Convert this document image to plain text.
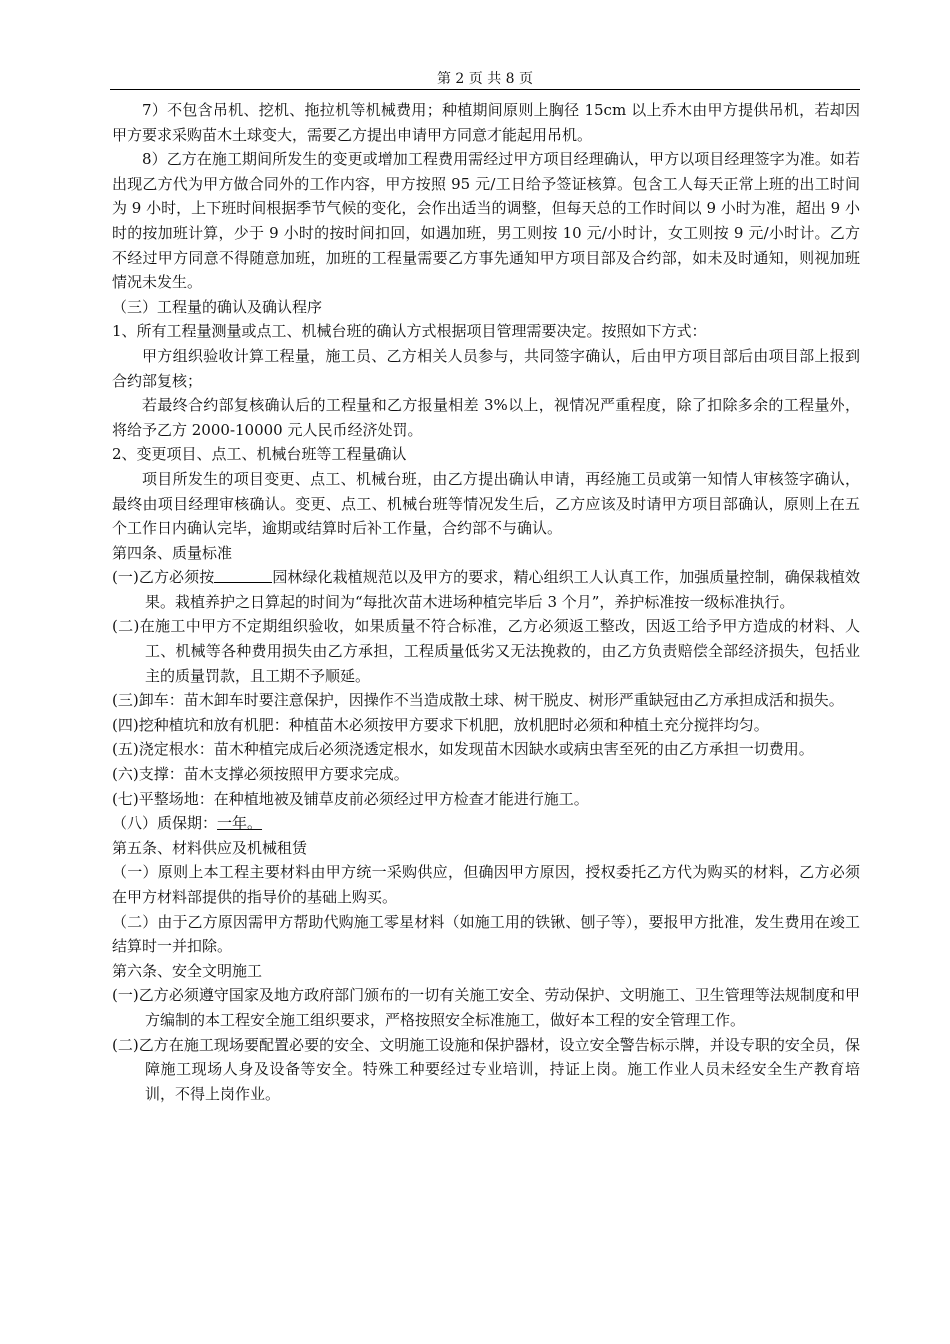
第 2 页 共 8 页

7）不包含吊机、挖机、拖拉机等机械费用；种植期间原则上胸径 15cm 以上乔木由甲方提供吊机，若却因甲方要求采购苗木土球变大，需要乙方提出申请甲方同意才能起用吊机。

8）乙方在施工期间所发生的变更或增加工程费用需经过甲方项目经理确认，甲方以项目经理签字为准。如若出现乙方代为甲方做合同外的工作内容，甲方按照 95 元/工日给予签证核算。包含工人每天正常上班的出工时间为 9 小时，上下班时间根据季节气候的变化，会作出适当的调整，但每天总的工作时间以 9 小时为准，超出 9 小时的按加班计算，少于 9 小时的按时间扣回，如遇加班，男工则按 10 元/小时计，女工则按 9 元/小时计。乙方不经过甲方同意不得随意加班，加班的工程量需要乙方事先通知甲方项目部及合约部，如未及时通知，则视加班情况未发生。

（三）工程量的确认及确认程序

1、所有工程量测量或点工、机械台班的确认方式根据项目管理需要决定。按照如下方式：

甲方组织验收计算工程量，施工员、乙方相关人员参与，共同签字确认，后由甲方项目部后由项目部上报到合约部复核；

若最终合约部复核确认后的工程量和乙方报量相差 3%以上，视情况严重程度，除了扣除多余的工程量外，将给予乙方 2000-10000 元人民币经济处罚。

2、变更项目、点工、机械台班等工程量确认

项目所发生的项目变更、点工、机械台班，由乙方提出确认申请，再经施工员或第一知情人审核签字确认，最终由项目经理审核确认。变更、点工、机械台班等情况发生后，乙方应该及时请甲方项目部确认，原则上在五个工作日内确认完毕，逾期或结算时后补工作量，合约部不与确认。

第四条、质量标准

(一)乙方必须按	园林绿化栽植规范以及甲方的要求，精心组织工人认真工作，加强质量控制，确保栽植效果。栽植养护之日算起的时间为“每批次苗木进场种植完毕后 3 个月”，养护标准按一级标准执行。

(二)在施工中甲方不定期组织验收，如果质量不符合标准，乙方必须返工整改，因返工给予甲方造成的材料、人工、机械等各种费用损失由乙方承担，工程质量低劣又无法挽救的，由乙方负责赔偿全部经济损失，包括业主的质量罚款，且工期不予顺延。

(三)卸车：苗木卸车时要注意保护，因操作不当造成散土球、树干脱皮、树形严重缺冠由乙方承担成活和损失。

(四)挖种植坑和放有机肥：种植苗木必须按甲方要求下机肥，放机肥时必须和种植土充分搅拌均匀。

(五)浇定根水：苗木种植完成后必须浇透定根水，如发现苗木因缺水或病虫害至死的由乙方承担一切费用。

(六)支撑：苗木支撑必须按照甲方要求完成。

(七)平整场地：在种植地被及铺草皮前必须经过甲方检查才能进行施工。

（八）质保期：一年。

第五条、材料供应及机械租赁

（一）原则上本工程主要材料由甲方统一采购供应，但确因甲方原因，授权委托乙方代为购买的材料，乙方必须在甲方材料部提供的指导价的基础上购买。

（二）由于乙方原因需甲方帮助代购施工零星材料（如施工用的铁锹、刨子等），要报甲方批准，发生费用在竣工结算时一并扣除。

第六条、安全文明施工

(一)乙方必须遵守国家及地方政府部门颁布的一切有关施工安全、劳动保护、文明施工、卫生管理等法规制度和甲方编制的本工程安全施工组织要求，严格按照安全标准施工，做好本工程的安全管理工作。

(二)乙方在施工现场要配置必要的安全、文明施工设施和保护器材，设立安全警告标示牌，并设专职的安全员，保障施工现场人身及设备等安全。特殊工种要经过专业培训，持证上岗。施工作业人员未经安全生产教育培训，不得上岗作业。
